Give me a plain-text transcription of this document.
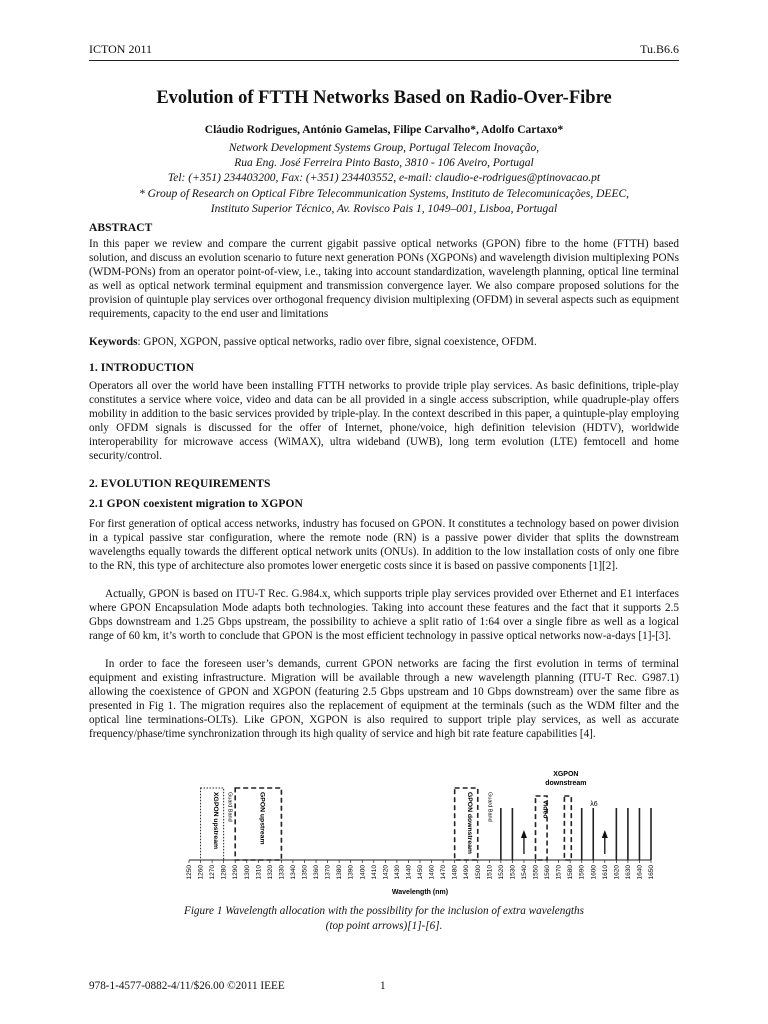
ICTON 2011	Tu.B6.6
Evolution of FTTH Networks Based on Radio-Over-Fibre
Cláudio Rodrigues, António Gamelas, Filipe Carvalho*, Adolfo Cartaxo*
Network Development Systems Group, Portugal Telecom Inovação,
Rua Eng. José Ferreira Pinto Basto, 3810 - 106 Aveiro, Portugal
Tel: (+351) 234403200, Fax: (+351) 234403552, e-mail: claudio-e-rodrigues@ptinovacao.pt
* Group of Research on Optical Fibre Telecommunication Systems, Instituto de Telecomunicações, DEEC,
Instituto Superior Técnico, Av. Rovisco Pais 1, 1049–001, Lisboa, Portugal
ABSTRACT

In this paper we review and compare the current gigabit passive optical networks (GPON) fibre to the home (FTTH) based solution, and discuss an evolution scenario to future next generation PONs (XGPONs) and wavelength division multiplexing PONs (WDM-PONs) from an operator point-of-view, i.e., taking into account standardization, wavelength planning, optical line terminal as well as optical network terminal equipment and transmission convergence layer. We also compare proposed solutions for the provision of quintuple play services over orthogonal frequency division multiplexing (OFDM) in several aspects such as equipment requirements, capacity to the end user and limitations

Keywords: GPON, XGPON, passive optical networks, radio over fibre, signal coexistence, OFDM.

1. INTRODUCTION

Operators all over the world have been installing FTTH networks to provide triple play services. As basic definitions, triple-play constitutes a service where voice, video and data can be all provided in a single access subscription, while quadruple-play offers mobility in addition to the basic services provided by triple-play. In the context described in this paper, a quintuple-play employing only OFDM signals is discussed for the offer of Internet, phone/voice, high definition television (HDTV), worldwide interoperability for microwave access (WiMAX), ultra wideband (UWB), long term evolution (LTE) femtocell and home security/control.

2. EVOLUTION REQUIREMENTS
2.1 GPON coexistent migration to XGPON

For first generation of optical access networks, industry has focused on GPON. It constitutes a technology based on power division in a typical passive star configuration, where the remote node (RN) is a passive power divider that splits the downstream wavelengths equally towards the different optical network units (ONUs). In addition to the low installation costs of only one fibre to the RN, this type of architecture also promotes lower energetic costs since it is based on passive components [1][2].

Actually, GPON is based on ITU-T Rec. G.984.x, which supports triple play services provided over Ethernet and E1 interfaces where GPON Encapsulation Mode adapts both technologies. Taking into account these features and the fact that it supports 2.5 Gbps downstream and 1.25 Gbps upstream, the possibility to achieve a split ratio of 1:64 over a single fibre as well as a logical range of 60 km, it’s worth to conclude that GPON is the most efficient technology in passive optical networks now-a-days [1]-[3].

In order to face the foreseen user’s demands, current GPON networks are facing the first evolution in terms of terminal equipment and existing infrastructure. Migration will be available through a new wavelength planning (ITU-T Rec. G987.1) allowing the coexistence of GPON and XGPON (featuring 2.5 Gbps upstream and 10 Gbps downstream) over the same fibre as presented in Fig 1. The migration requires also the replacement of equipment at the terminals (such as the WDM filter and the optical line terminations-OLTs). Like GPON, XGPON is also required to support triple play services, as well as accurate frequency/phase/time synchronization through its high quality of service and high bit rate feature capabilities [4].

1250 1260 1270 1280 1290 1300 1310 1320 1330 1340 1350 1360 1370 1380 1390 1400 1410 1420 1430 1440 1450 1460 1470 1480 1490 1500 1510 1520 1530 1540 1550 1560 1570 1580 1590 1600 1610 1620 1630 1640 1650
Wavelength (nm)
XGPON upstream	GPON upstream	GPON downstream	Video
Guard Band	Guard Band	λ6
XGPON
downstream
Figure 1 Wavelength allocation with the possibility for the inclusion of extra wavelengths
(top point arrows)[1]-[6].
978-1-4577-0882-4/11/$26.00 ©2011 IEEE	1
